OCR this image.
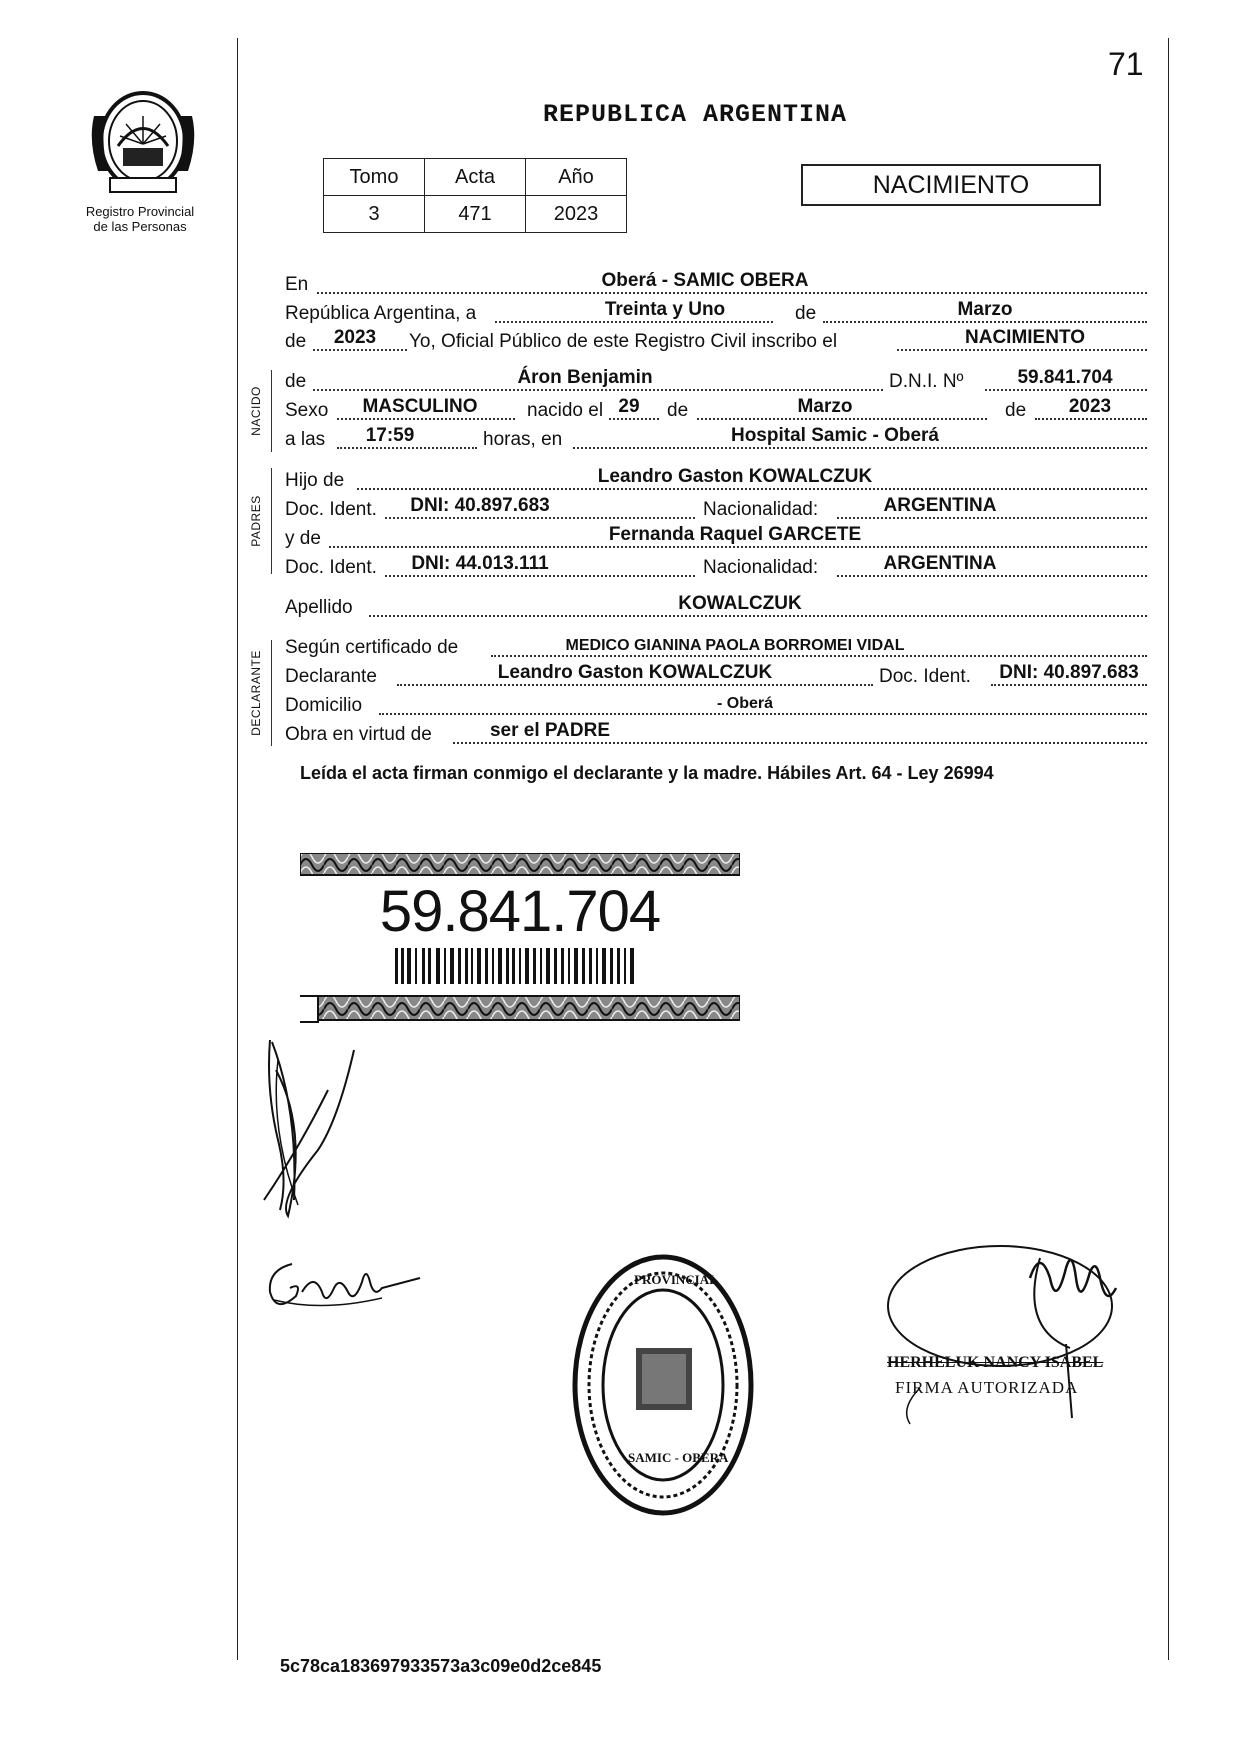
71
Registro Provincial
de las Personas
REPUBLICA ARGENTINA
Tomo	Acta	Año
3	471	2023
NACIMIENTO
NACIDO
PADRES
DECLARANTE
En	Oberá - SAMIC OBERA
República Argentina, a	Treinta y Uno	de	Marzo
de	2023	Yo, Oficial Público de este Registro Civil inscribo el	NACIMIENTO
de	Áron Benjamin	D.N.I. Nº	59.841.704
Sexo	MASCULINO	nacido el 29	de	Marzo	de	2023
a las	17:59	horas, en	Hospital Samic - Oberá
Hijo de	Leandro Gaston KOWALCZUK
Doc. Ident.	DNI: 40.897.683	Nacionalidad:	ARGENTINA
y de	Fernanda Raquel GARCETE
Doc. Ident.	DNI: 44.013.111	Nacionalidad:	ARGENTINA
Apellido	KOWALCZUK
Según certificado de	MEDICO GIANINA PAOLA BORROMEI VIDAL
Declarante	Leandro Gaston KOWALCZUK	Doc. Ident.	DNI: 40.897.683
Domicilio	- Oberá
Obra en virtud de	ser el PADRE
Leída el acta firman conmigo el declarante y la madre. Hábiles Art. 64 - Ley 26994
59.841.704
PROVINCIAL
SAMIC - OBERA
HERHELUK NANCY ISABEL
FIRMA AUTORIZADA
5c78ca183697933573a3c09e0d2ce845
